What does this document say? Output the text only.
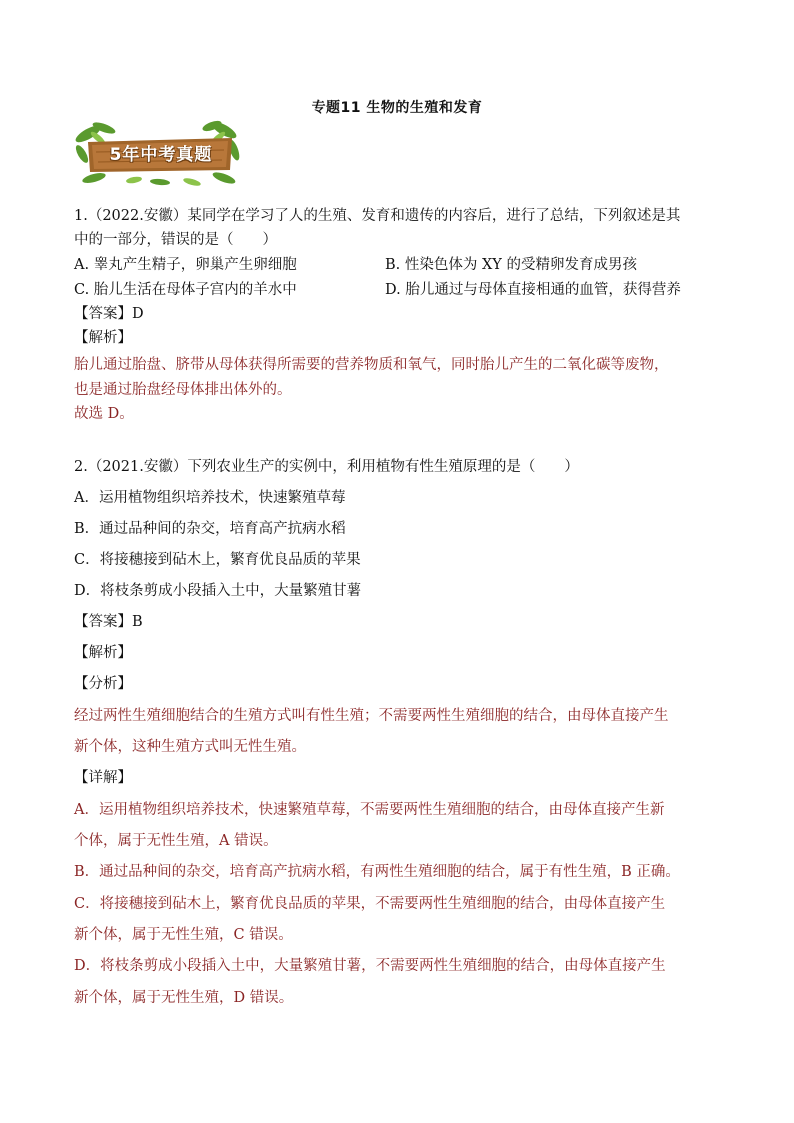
专题11 生物的生殖和发育
5年中考真题
1.（2022.安徽）某同学在学习了人的生殖、发育和遗传的内容后，进行了总结，下列叙述是其
中的一部分，错误的是（　　）
A. 睾丸产生精子，卵巢产生卵细胞	B. 性染色体为 XY 的受精卵发育成男孩
C. 胎儿生活在母体子宫内的羊水中	D. 胎儿通过与母体直接相通的血管，获得营养
【答案】D
【解析】
胎儿通过胎盘、脐带从母体获得所需要的营养物质和氧气，同时胎儿产生的二氧化碳等废物，
也是通过胎盘经母体排出体外的。
故选 D。
2.（2021.安徽）下列农业生产的实例中，利用植物有性生殖原理的是（　　）
A．运用植物组织培养技术，快速繁殖草莓
B．通过品种间的杂交，培育高产抗病水稻
C．将接穗接到砧木上，繁育优良品质的苹果
D．将枝条剪成小段插入土中，大量繁殖甘薯
【答案】B
【解析】
【分析】
经过两性生殖细胞结合的生殖方式叫有性生殖；不需要两性生殖细胞的结合，由母体直接产生
新个体，这种生殖方式叫无性生殖。
【详解】
A．运用植物组织培养技术，快速繁殖草莓，不需要两性生殖细胞的结合，由母体直接产生新
个体，属于无性生殖，A 错误。
B．通过品种间的杂交，培育高产抗病水稻，有两性生殖细胞的结合，属于有性生殖，B 正确。
C．将接穗接到砧木上，繁育优良品质的苹果，不需要两性生殖细胞的结合，由母体直接产生
新个体，属于无性生殖，C 错误。
D．将枝条剪成小段插入土中，大量繁殖甘薯，不需要两性生殖细胞的结合，由母体直接产生
新个体，属于无性生殖，D 错误。
